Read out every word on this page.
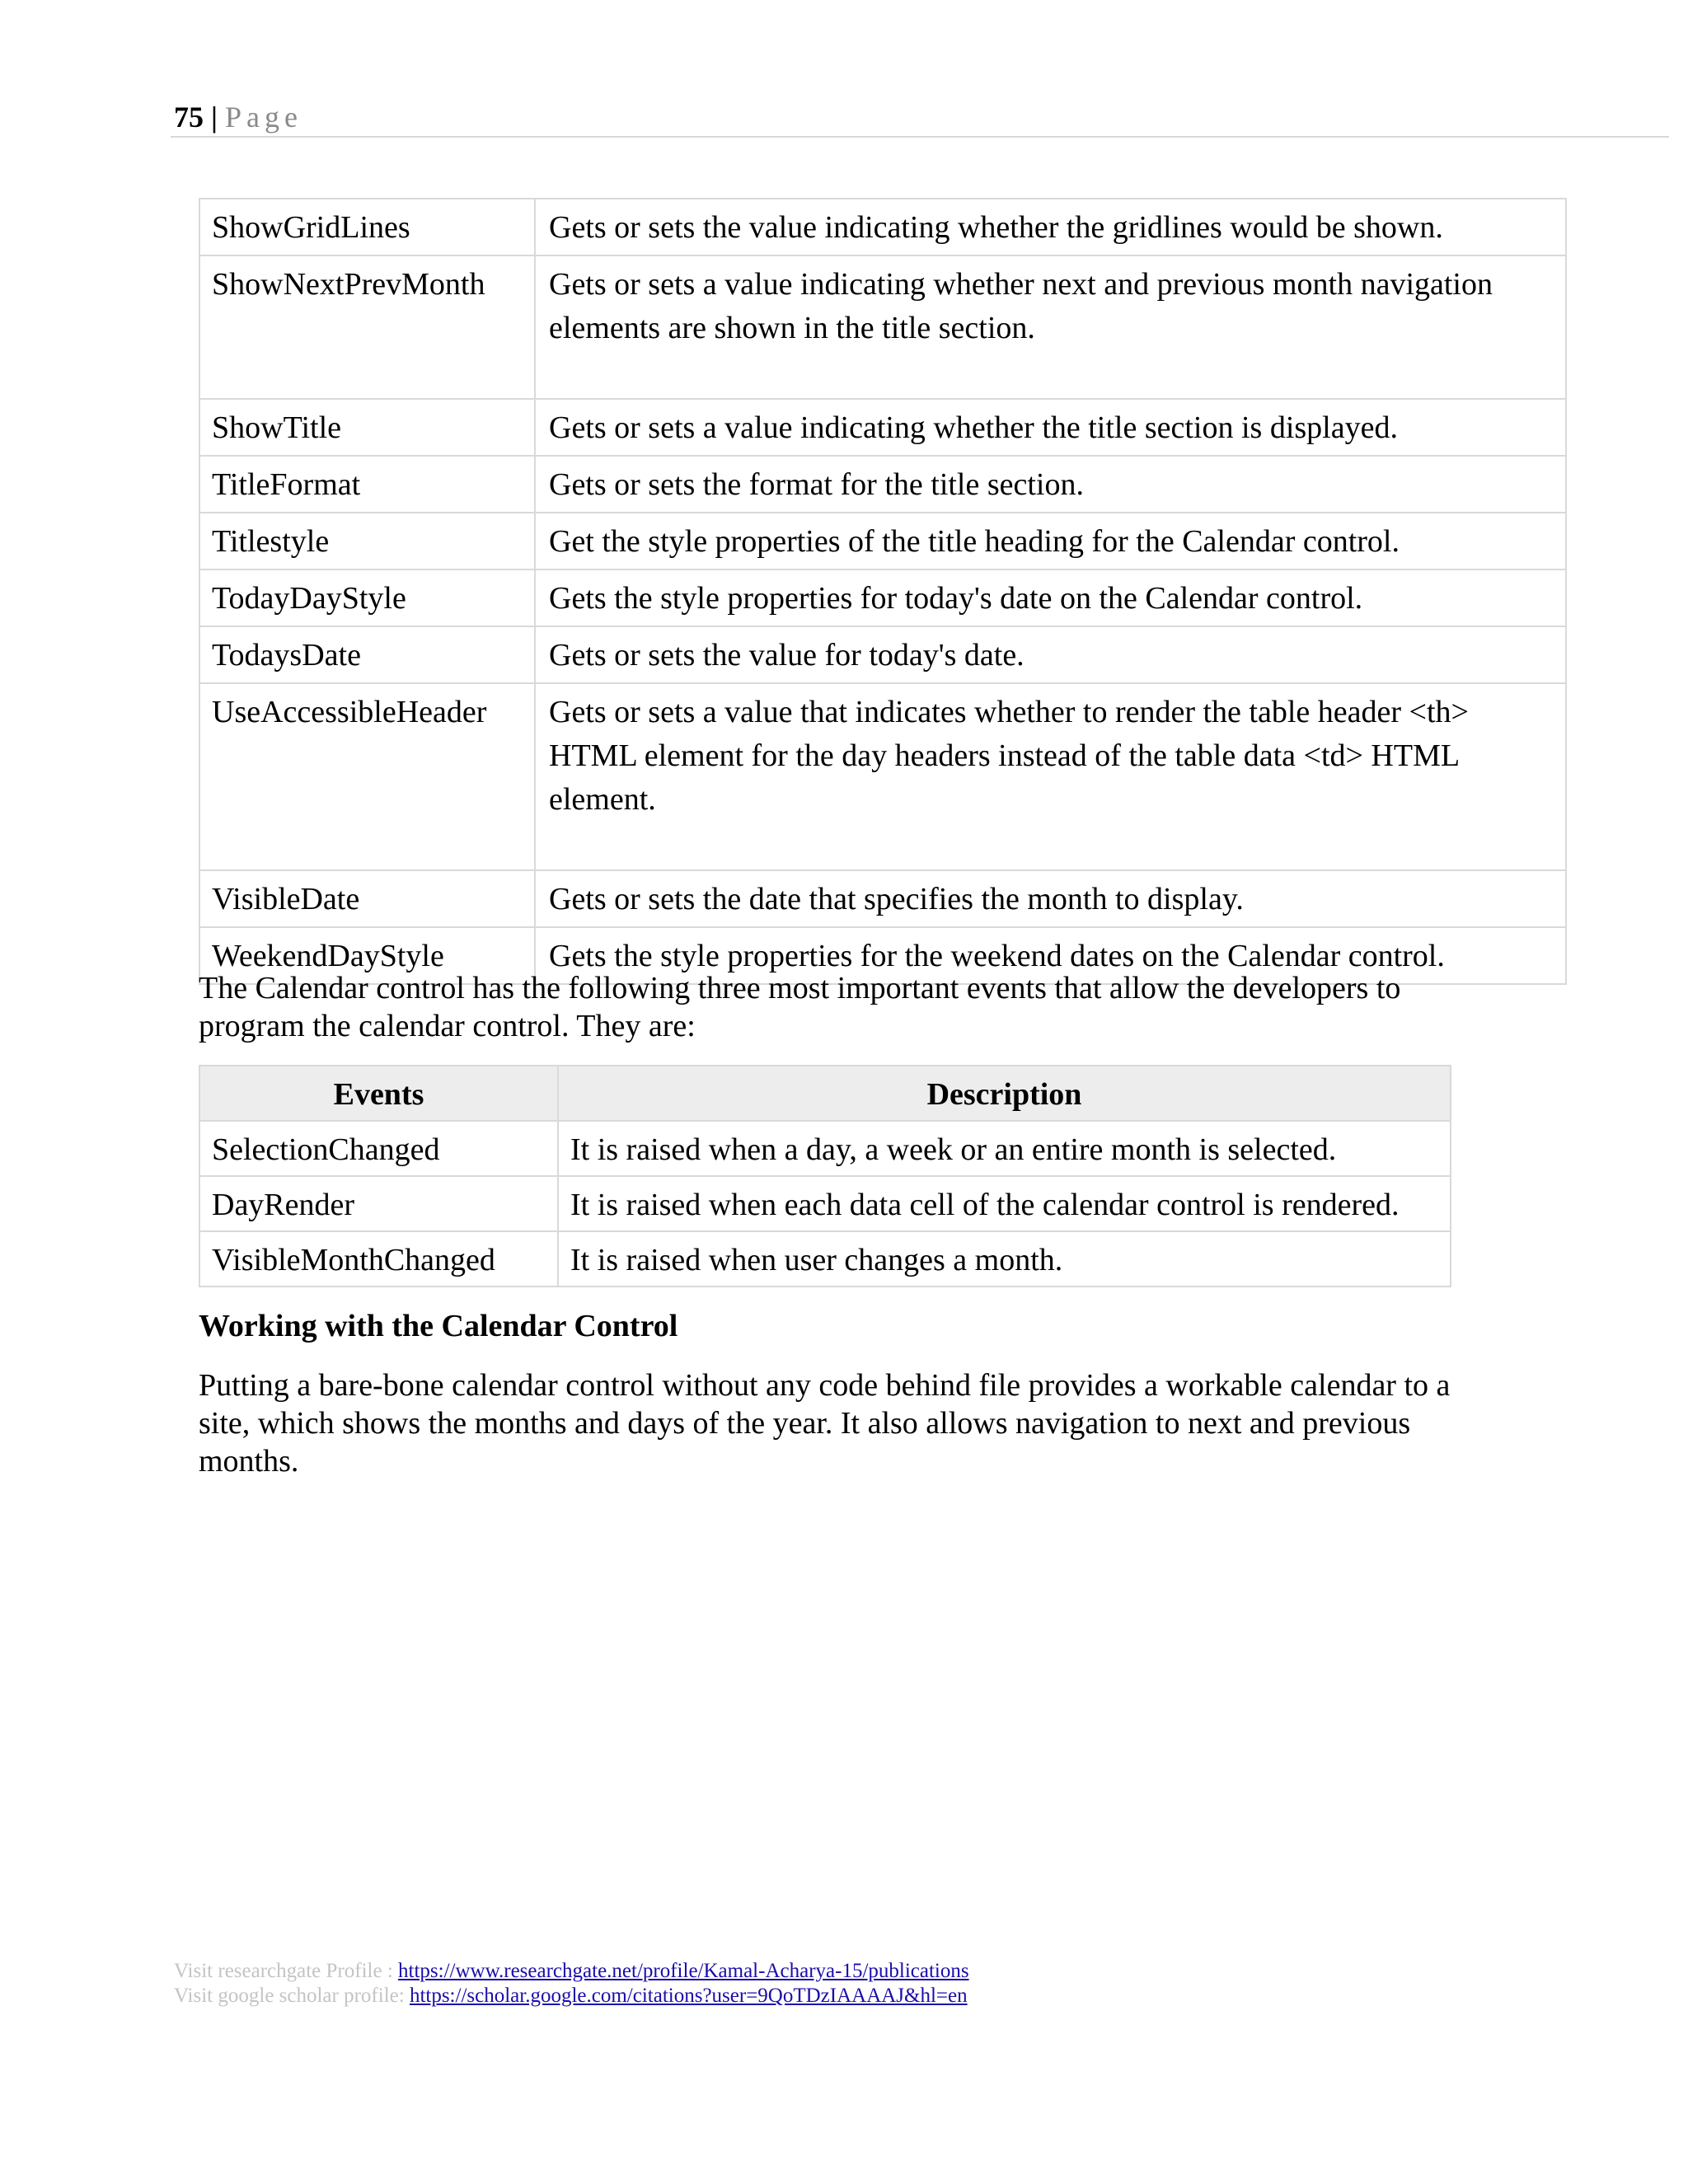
75 | Page
ShowGridLines	Gets or sets the value indicating whether the gridlines would be shown.
ShowNextPrevMonth	Gets or sets a value indicating whether next and previous month navigation elements are shown in the title section.
ShowTitle	Gets or sets a value indicating whether the title section is displayed.
TitleFormat	Gets or sets the format for the title section.
Titlestyle	Get the style properties of the title heading for the Calendar control.
TodayDayStyle	Gets the style properties for today's date on the Calendar control.
TodaysDate	Gets or sets the value for today's date.
UseAccessibleHeader	Gets or sets a value that indicates whether to render the table header <th> HTML element for the day headers instead of the table data <td> HTML element.
VisibleDate	Gets or sets the date that specifies the month to display.
WeekendDayStyle	Gets the style properties for the weekend dates on the Calendar control.

The Calendar control has the following three most important events that allow the developers to program the calendar control. They are:

Events	Description
SelectionChanged	It is raised when a day, a week or an entire month is selected.
DayRender	It is raised when each data cell of the calendar control is rendered.
VisibleMonthChanged	It is raised when user changes a month.

Working with the Calendar Control

Putting a bare-bone calendar control without any code behind file provides a workable calendar to a site, which shows the months and days of the year. It also allows navigation to next and previous months.

Visit researchgate Profile : https://www.researchgate.net/profile/Kamal-Acharya-15/publications
Visit google scholar profile: https://scholar.google.com/citations?user=9QoTDzIAAAAJ&hl=en
